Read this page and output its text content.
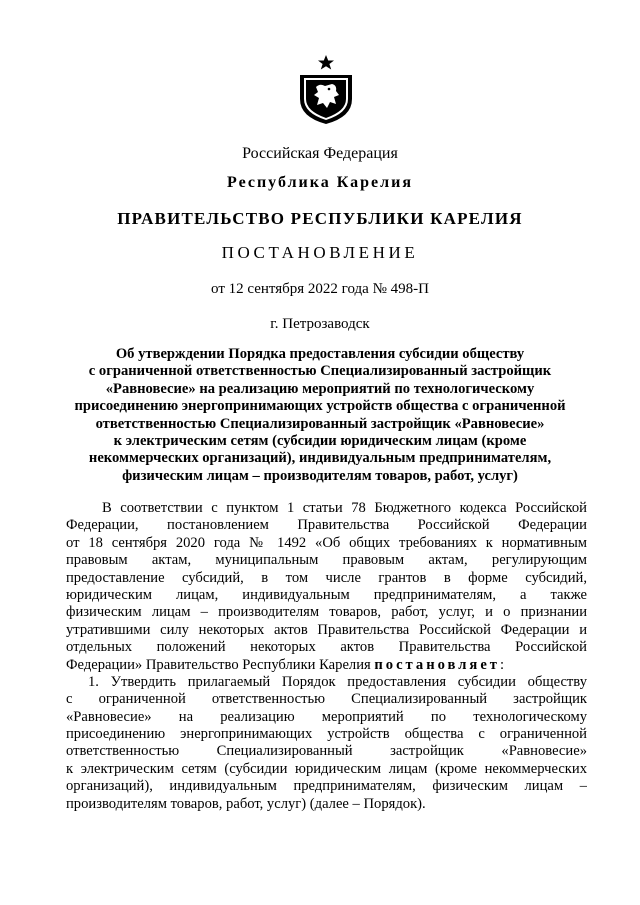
Российская Федерация
Республика Карелия
ПРАВИТЕЛЬСТВО РЕСПУБЛИКИ КАРЕЛИЯ
ПОСТАНОВЛЕНИЕ
от 12 сентября 2022 года № 498-П
г. Петрозаводск
Об утверждении Порядка предоставления субсидии обществу
с ограниченной ответственностью Специализированный застройщик
«Равновесие» на реализацию мероприятий по технологическому
присоединению энергопринимающих устройств общества с ограниченной
ответственностью Специализированный застройщик «Равновесие»
к электрическим сетям (субсидии юридическим лицам (кроме
некоммерческих организаций), индивидуальным предпринимателям,
физическим лицам – производителям товаров, работ, услуг)
В соответствии с пунктом 1 статьи 78 Бюджетного кодекса Российской
Федерации, постановлением Правительства Российской Федерации
от 18 сентября 2020 года № 1492 «Об общих требованиях к нормативным
правовым актам, муниципальным правовым актам, регулирующим
предоставление субсидий, в том числе грантов в форме субсидий,
юридическим лицам, индивидуальным предпринимателям, а также
физическим лицам – производителям товаров, работ, услуг, и о признании
утратившими силу некоторых актов Правительства Российской Федерации и
отдельных положений некоторых актов Правительства Российской
Федерации» Правительство Республики Карелия постановляет:
1. Утвердить прилагаемый Порядок предоставления субсидии обществу
с ограниченной ответственностью Специализированный застройщик
«Равновесие» на реализацию мероприятий по технологическому
присоединению энергопринимающих устройств общества с ограниченной
ответственностью Специализированный застройщик «Равновесие»
к электрическим сетям (субсидии юридическим лицам (кроме некоммерческих
организаций), индивидуальным предпринимателям, физическим лицам –
производителям товаров, работ, услуг) (далее – Порядок).
